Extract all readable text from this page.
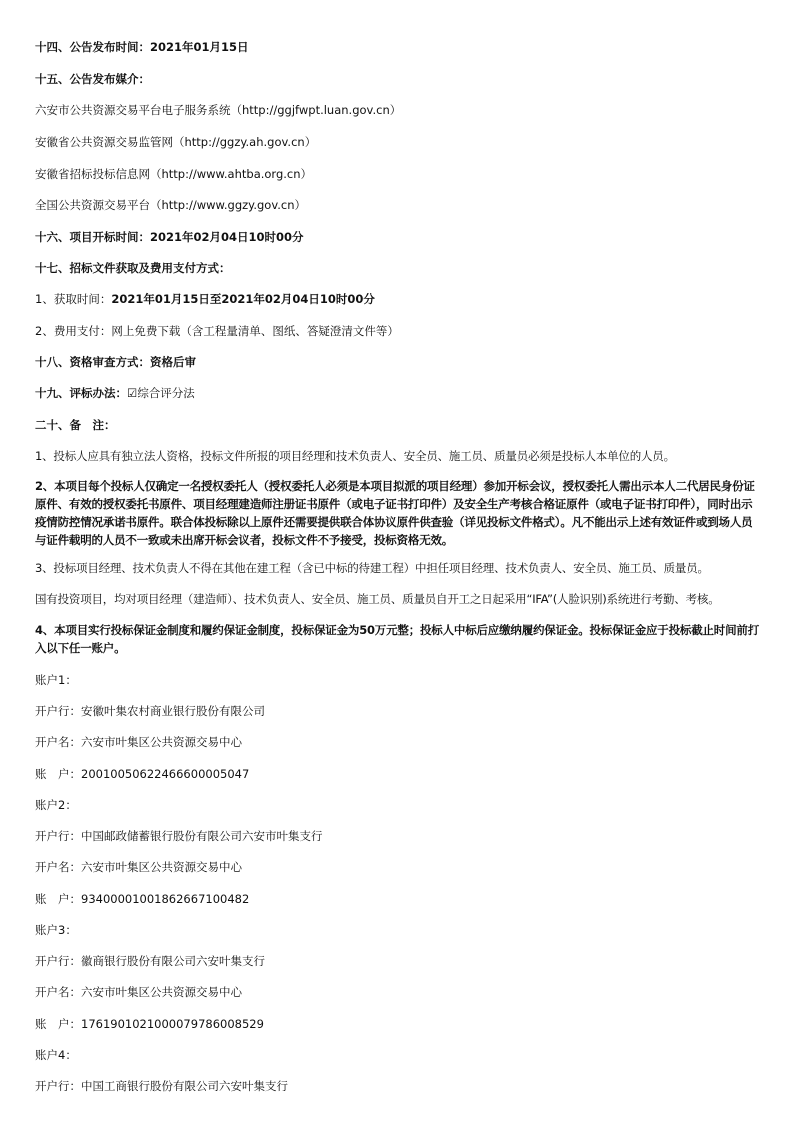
十四、公告发布时间：2021年01月15日
十五、公告发布媒介：
六安市公共资源交易平台电子服务系统（http://ggjfwpt.luan.gov.cn）
安徽省公共资源交易监管网（http://ggzy.ah.gov.cn）
安徽省招标投标信息网（http://www.ahtba.org.cn）
全国公共资源交易平台（http://www.ggzy.gov.cn）
十六、项目开标时间：2021年02月04日10时00分
十七、招标文件获取及费用支付方式：
1、获取时间：2021年01月15日至2021年02月04日10时00分
2、费用支付：网上免费下载（含工程量清单、图纸、答疑澄清文件等）
十八、资格审查方式：资格后审
十九、评标办法：☑综合评分法
二十、备　注：
1、投标人应具有独立法人资格，投标文件所报的项目经理和技术负责人、安全员、施工员、质量员必须是投标人本单位的人员。
2、本项目每个投标人仅确定一名授权委托人（授权委托人必须是本项目拟派的项目经理）参加开标会议，授权委托人需出示本人二代居民身份证原件、有效的授权委托书原件、项目经理建造师注册证书原件（或电子证书打印件）及安全生产考核合格证原件（或电子证书打印件），同时出示疫情防控情况承诺书原件。联合体投标除以上原件还需要提供联合体协议原件供查验（详见投标文件格式）。凡不能出示上述有效证件或到场人员与证件载明的人员不一致或未出席开标会议者，投标文件不予接受，投标资格无效。
3、投标项目经理、技术负责人不得在其他在建工程（含已中标的待建工程）中担任项目经理、技术负责人、安全员、施工员、质量员。
国有投资项目，均对项目经理（建造师）、技术负责人、安全员、施工员、质量员自开工之日起采用“IFA”(人脸识别)系统进行考勤、考核。
4、本项目实行投标保证金制度和履约保证金制度，投标保证金为50万元整；投标人中标后应缴纳履约保证金。投标保证金应于投标截止时间前打入以下任一账户。
账户1：
开户行：安徽叶集农村商业银行股份有限公司
开户名：六安市叶集区公共资源交易中心
账　户：20010050622466600005047
账户2：
开户行：中国邮政储蓄银行股份有限公司六安市叶集支行
开户名：六安市叶集区公共资源交易中心
账　户：934000010018626671004​82
账户3：
开户行：徽商银行股份有限公司六安叶集支行
开户名：六安市叶集区公共资源交易中心
账　户：1761901021000079786008529
账户4：
开户行：中国工商银行股份有限公司六安叶集支行
